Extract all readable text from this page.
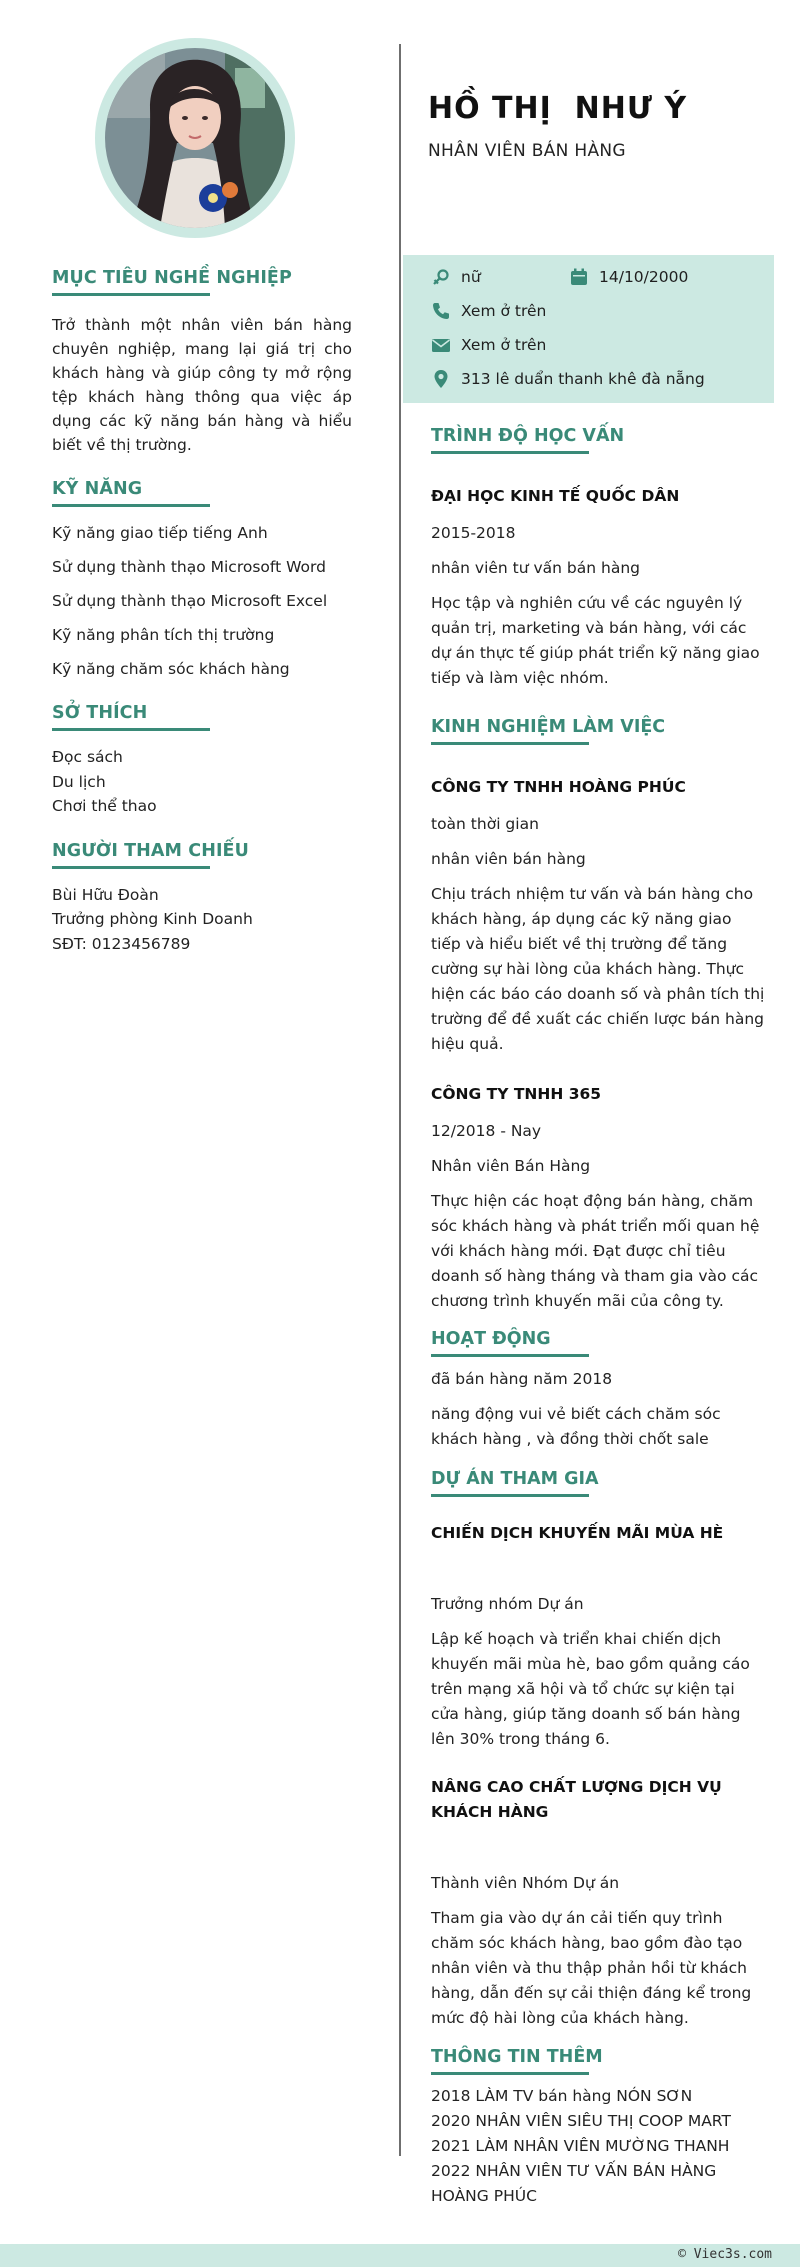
MỤC TIÊU NGHỀ NGHIỆP
Trở thành một nhân viên bán hàng chuyên nghiệp, mang lại giá trị cho khách hàng và giúp công ty mở rộng tệp khách hàng thông qua việc áp dụng các kỹ năng bán hàng và hiểu biết về thị trường.
KỸ NĂNG
Kỹ năng giao tiếp tiếng Anh
Sử dụng thành thạo Microsoft Word
Sử dụng thành thạo Microsoft Excel
Kỹ năng phân tích thị trường
Kỹ năng chăm sóc khách hàng
SỞ THÍCH
Đọc sách
Du lịch
Chơi thể thao
NGƯỜI THAM CHIẾU
Bùi Hữu Đoàn
Trưởng phòng Kinh Doanh
SĐT: 0123456789
HỒ THỊ  NHƯ Ý
NHÂN VIÊN BÁN HÀNG
nữ	14/10/2000
Xem ở trên
Xem ở trên
313 lê duẩn thanh khê đà nẵng
TRÌNH ĐỘ HỌC VẤN
ĐẠI HỌC KINH TẾ QUỐC DÂN
2015-2018
nhân viên tư vấn bán hàng
Học tập và nghiên cứu về các nguyên lý quản trị, marketing và bán hàng, với các dự án thực tế giúp phát triển kỹ năng giao tiếp và làm việc nhóm.
KINH NGHIỆM LÀM VIỆC
CÔNG TY TNHH HOÀNG PHÚC
toàn thời gian
nhân viên bán hàng
Chịu trách nhiệm tư vấn và bán hàng cho khách hàng, áp dụng các kỹ năng giao tiếp và hiểu biết về thị trường để tăng cường sự hài lòng của khách hàng. Thực hiện các báo cáo doanh số và phân tích thị trường để đề xuất các chiến lược bán hàng hiệu quả.
CÔNG TY TNHH 365
12/2018 - Nay
Nhân viên Bán Hàng
Thực hiện các hoạt động bán hàng, chăm sóc khách hàng và phát triển mối quan hệ với khách hàng mới. Đạt được chỉ tiêu doanh số hàng tháng và tham gia vào các chương trình khuyến mãi của công ty.
HOẠT ĐỘNG
đã bán hàng năm 2018
năng động vui vẻ biết cách chăm sóc khách hàng , và đồng thời chốt sale
DỰ ÁN THAM GIA
CHIẾN DỊCH KHUYẾN MÃI MÙA HÈ
Trưởng nhóm Dự án
Lập kế hoạch và triển khai chiến dịch khuyến mãi mùa hè, bao gồm quảng cáo trên mạng xã hội và tổ chức sự kiện tại cửa hàng, giúp tăng doanh số bán hàng lên 30% trong tháng 6.
NÂNG CAO CHẤT LƯỢNG DỊCH VỤ KHÁCH HÀNG
Thành viên Nhóm Dự án
Tham gia vào dự án cải tiến quy trình chăm sóc khách hàng, bao gồm đào tạo nhân viên và thu thập phản hồi từ khách hàng, dẫn đến sự cải thiện đáng kể trong mức độ hài lòng của khách hàng.
THÔNG TIN THÊM
2018 LÀM TV bán hàng NÓN SƠN
2020 NHÂN VIÊN SIÊU THỊ COOP MART
2021 LÀM NHÂN VIÊN MƯỜNG THANH
2022 NHÂN VIÊN TƯ VẤN BÁN HÀNG HOÀNG PHÚC
© Viec3s.com
